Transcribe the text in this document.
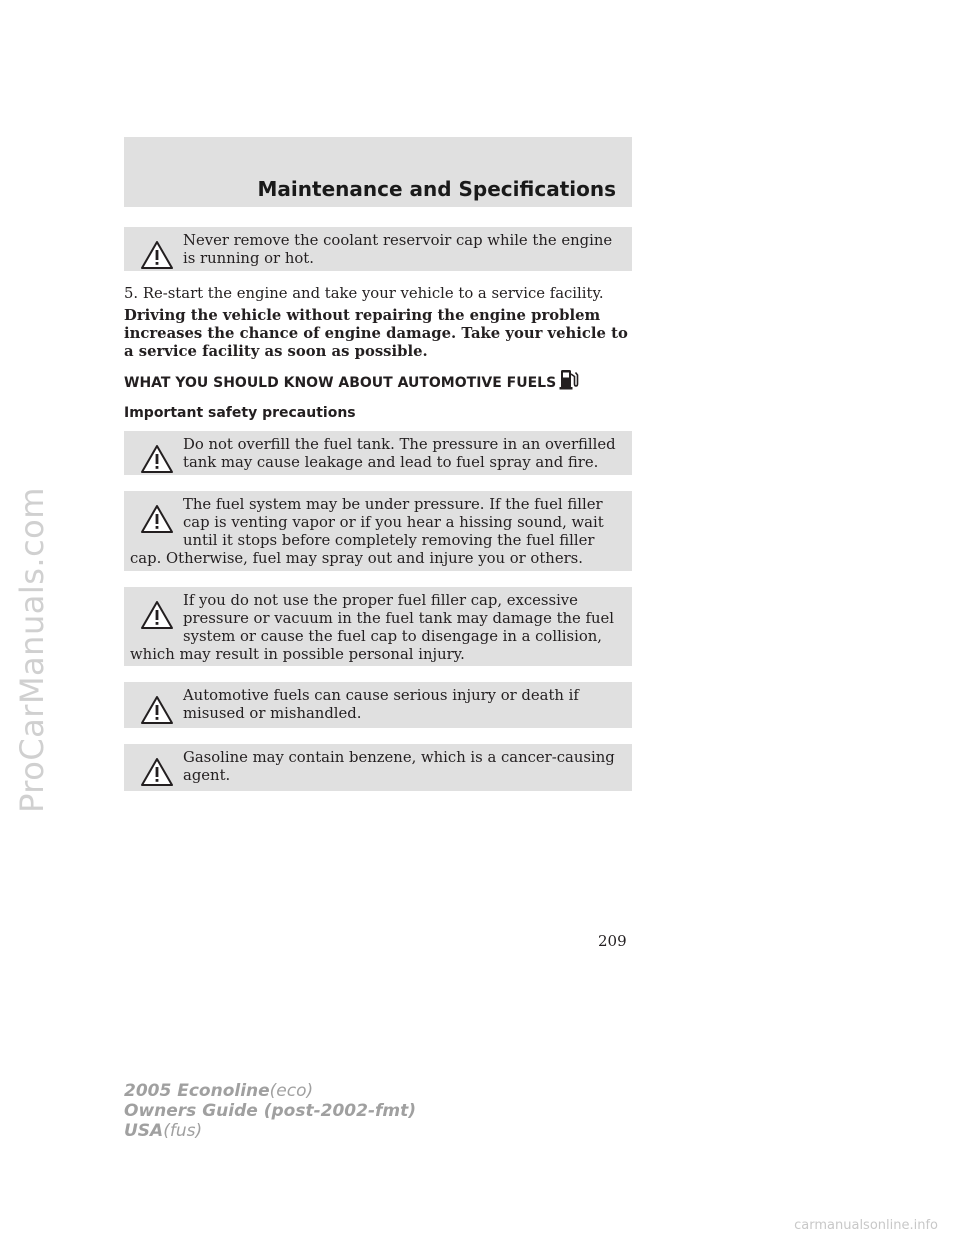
ProCarManuals.com
Maintenance and Specifications

Never remove the coolant reservoir cap while the engine is running or hot.

5. Re-start the engine and take your vehicle to a service facility.

Driving the vehicle without repairing the engine problem increases the chance of engine damage. Take your vehicle to a service facility as soon as possible.

WHAT YOU SHOULD KNOW ABOUT AUTOMOTIVE FUELS
Important safety precautions

Do not overfill the fuel tank. The pressure in an overfilled tank may cause leakage and lead to fuel spray and fire.

The fuel system may be under pressure. If the fuel filler cap is venting vapor or if you hear a hissing sound, wait until it stops before completely removing the fuel filler cap. Otherwise, fuel may spray out and injure you or others.

If you do not use the proper fuel filler cap, excessive pressure or vacuum in the fuel tank may damage the fuel system or cause the fuel cap to disengage in a collision, which may result in possible personal injury.

Automotive fuels can cause serious injury or death if misused or mishandled.

Gasoline may contain benzene, which is a cancer-causing agent.

209
2005 Econoline(eco)
Owners Guide (post-2002-fmt)
USA(fus)
carmanualsonline.info
